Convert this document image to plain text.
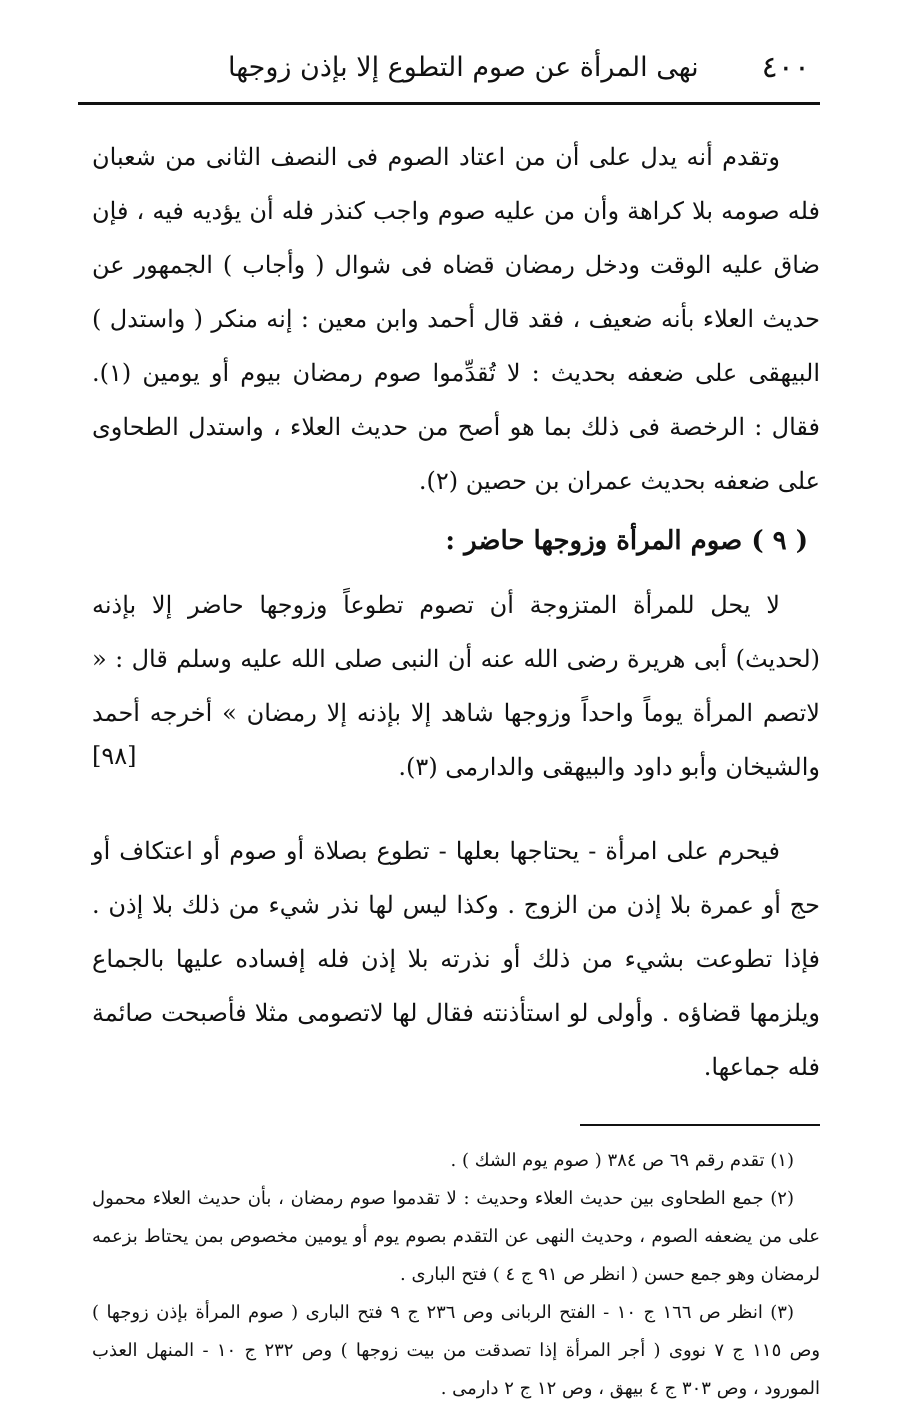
٤٠٠
نهى المرأة عن صوم التطوع إلا بإذن زوجها

وتقدم أنه يدل على أن من اعتاد الصوم فى النصف الثانى من شعبان فله صومه بلا كراهة وأن من عليه صوم واجب كنذر فله أن يؤديه فيه ، فإن ضاق عليه الوقت ودخل رمضان قضاه فى شوال ( وأجاب ) الجمهور عن حديث العلاء بأنه ضعيف ، فقد قال أحمد وابن معين : إنه منكر ( واستدل ) البيهقى على ضعفه بحديث : لا تُقدِّموا صوم رمضان بيوم أو يومين (١). فقال : الرخصة فى ذلك بما هو أصح من حديث العلاء ، واستدل الطحاوى على ضعفه بحديث عمران بن حصين (٢).

( ٩ ) صوم المرأة وزوجها حاضر :

لا يحل للمرأة المتزوجة أن تصوم تطوعاً وزوجها حاضر إلا بإذنه (لحديث) أبى هريرة رضى الله عنه أن النبى صلى الله عليه وسلم قال : « لاتصم المرأة يوماً واحداً وزوجها شاهد إلا بإذنه إلا رمضان » أخرجه أحمد والشيخان وأبو داود والبيهقى والدارمى (٣).

[٩٨]

فيحرم على امرأة - يحتاجها بعلها - تطوع بصلاة أو صوم أو اعتكاف أو حج أو عمرة بلا إذن من الزوج . وكذا ليس لها نذر شيء من ذلك بلا إذن . فإذا تطوعت بشيء من ذلك أو نذرته بلا إذن فله إفساده عليها بالجماع ويلزمها قضاؤه . وأولى لو استأذنته فقال لها لاتصومى مثلا فأصبحت صائمة فله جماعها.

(١) تقدم رقم ٦٩ ص ٣٨٤ ( صوم يوم الشك ) .

(٢) جمع الطحاوى بين حديث العلاء وحديث : لا تقدموا صوم رمضان ، بأن حديث العلاء محمول على من يضعفه الصوم ، وحديث النهى عن التقدم بصوم يوم أو يومين مخصوص بمن يحتاط بزعمه لرمضان وهو جمع حسن ( انظر ص ٩١ ج ٤ ) فتح البارى .

(٣) انظر ص ١٦٦ ج ١٠ - الفتح الربانى وص ٢٣٦ ج ٩ فتح البارى ( صوم المرأة بإذن زوجها ) وص ١١٥ ج ٧ نووى ( أجر المرأة إذا تصدقت من بيت زوجها ) وص ٢٣٢ ج ١٠ - المنهل العذب المورود ، وص ٣٠٣ ج ٤ بيهق ، وص ١٢ ج ٢ دارمى .
